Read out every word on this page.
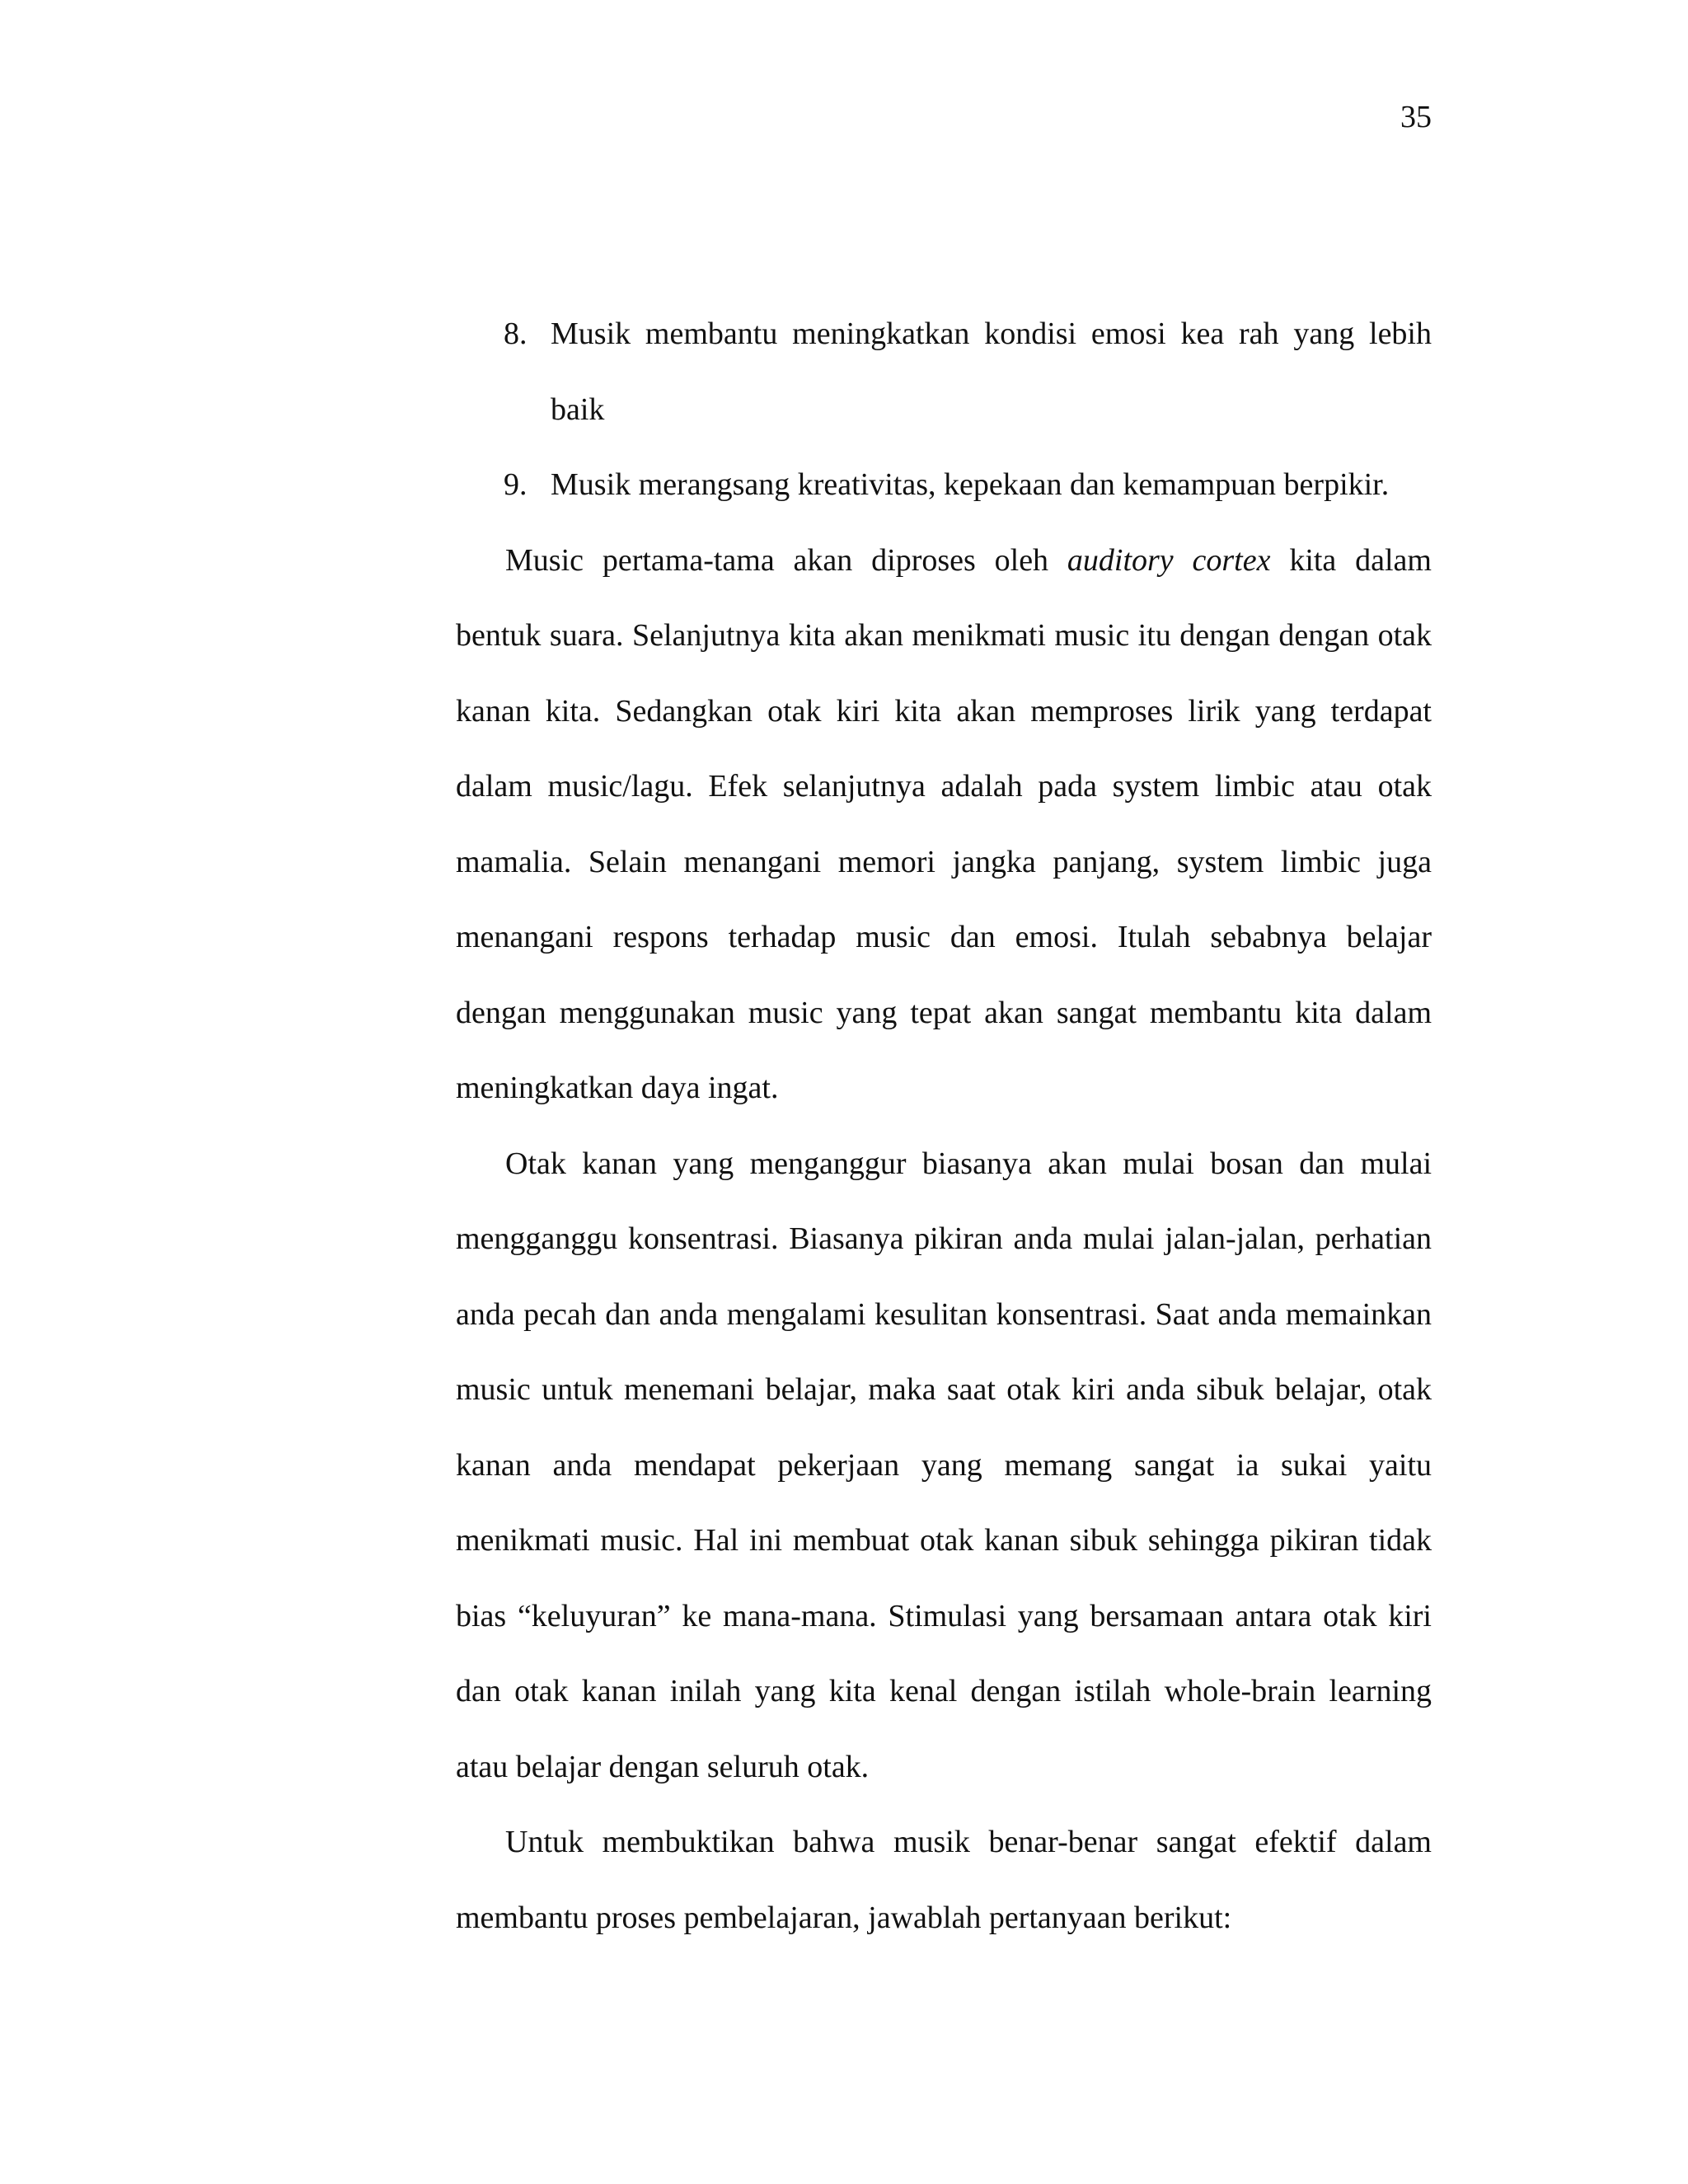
35
8. Musik membantu meningkatkan kondisi emosi kea rah yang lebih baik
9. Musik merangsang kreativitas, kepekaan dan kemampuan berpikir.

Music pertama-tama akan diproses oleh auditory cortex kita dalam bentuk suara. Selanjutnya kita akan menikmati music itu dengan dengan otak kanan kita. Sedangkan otak kiri kita akan memproses lirik yang terdapat dalam music/lagu. Efek selanjutnya adalah pada system limbic atau otak mamalia. Selain menangani memori jangka panjang, system limbic juga menangani respons terhadap music dan emosi. Itulah sebabnya belajar dengan menggunakan music yang tepat akan sangat membantu kita dalam meningkatkan daya ingat.

Otak kanan yang menganggur biasanya akan mulai bosan dan mulai mengganggu konsentrasi. Biasanya pikiran anda mulai jalan-jalan, perhatian anda pecah dan anda mengalami kesulitan konsentrasi. Saat anda memainkan music untuk menemani belajar, maka saat otak kiri anda sibuk belajar, otak kanan anda mendapat pekerjaan yang memang sangat ia sukai yaitu menikmati music. Hal ini membuat otak kanan sibuk sehingga pikiran tidak bias “keluyuran” ke mana-mana. Stimulasi yang bersamaan antara otak kiri dan otak kanan inilah yang kita kenal dengan istilah whole-brain learning atau belajar dengan seluruh otak.

Untuk membuktikan bahwa musik benar-benar sangat efektif dalam membantu proses pembelajaran, jawablah pertanyaan berikut:
